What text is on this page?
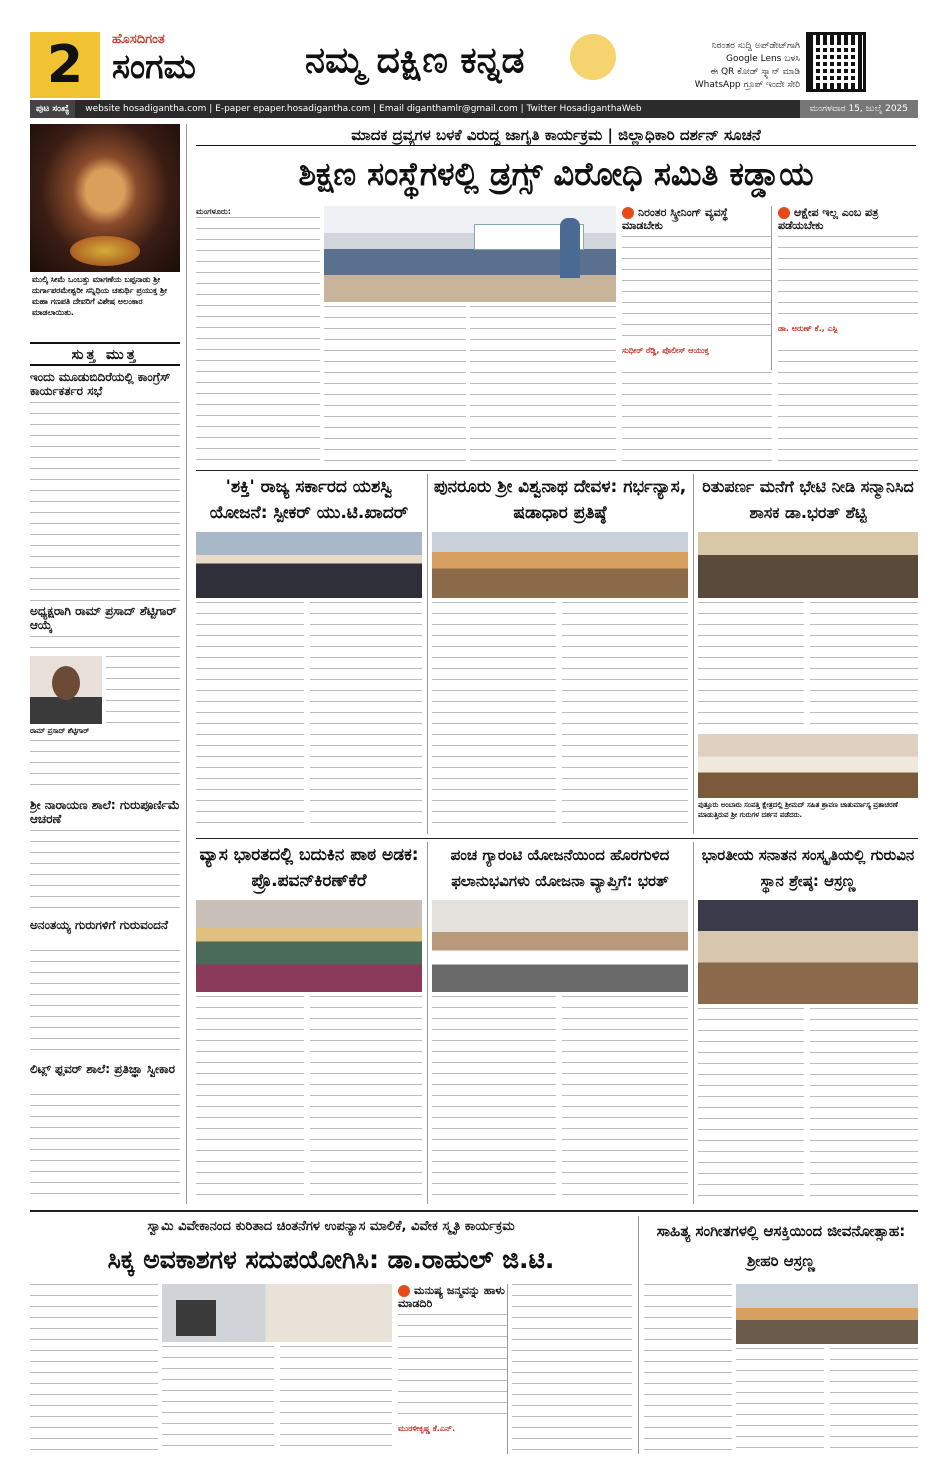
2	ಹೊಸದಿಗಂತ
ಸಂಗಮ	ನಮ್ಮ ದಕ್ಷಿಣ ಕನ್ನಡ	ನಿರಂತರ ಸುದ್ದಿ ಅಪ್‌ಡೇಟ್‌ಗಾಗಿ
Google Lens ಬಳಸಿ
ಈ QR ಕೋಡ್ ಸ್ಕ್ಯಾನ್ ಮಾಡಿ
WhatsApp ಗ್ರೂಪ್ ಇಂದೇ ಸೇರಿ
ಪುಟ ಸಂಖ್ಯೆ	website hosadigantha.com | E-paper epaper.hosadigantha.com | Email diganthamlr@gmail.com | Twitter HosadiganthaWeb	ಮಂಗಳವಾರ 15, ಜುಲೈ 2025
ಮುಲ್ಕಿ ಸೀಮೆ ಒಂಬತ್ತು ಮಾಗಣೆಯ ಬಪ್ಪನಾಡು ಶ್ರೀ ದುರ್ಗಾಪರಮೇಶ್ವರೀ ಸನ್ನಿಧಿಯ ಚತುರ್ಥಿ ಪ್ರಯುಕ್ತ ಶ್ರೀ ಮಹಾ ಗಣಪತಿ ದೇವರಿಗೆ ವಿಶೇಷ ಅಲಂಕಾರ ಮಾಡಲಾಯಿತು.
ಸುತ್ತ ಮುತ್ತ
ಇಂದು ಮೂಡುಬಿದಿರೆಯಲ್ಲಿ ಕಾಂಗ್ರೆಸ್ ಕಾರ್ಯಕರ್ತರ ಸಭೆ
ಅಧ್ಯಕ್ಷರಾಗಿ ರಾಮ್ ಪ್ರಸಾದ್ ಶೆಟ್ಟಿಗಾರ್ ಆಯ್ಕೆ
ರಾಮ್ ಪ್ರಸಾದ್ ಶೆಟ್ಟಿಗಾರ್
ಶ್ರೀ ನಾರಾಯಣ ಶಾಲೆ: ಗುರುಪೂರ್ಣಿಮೆ ಆಚರಣೆ
ಅನಂತಯ್ಯ ಗುರುಗಳಿಗೆ ಗುರುವಂದನೆ
ಲಿಟ್ಲ್ ಫ್ಲವರ್ ಶಾಲೆ: ಪ್ರತಿಜ್ಞಾ ಸ್ವೀಕಾರ
ಮಾದಕ ದ್ರವ್ಯಗಳ ಬಳಕೆ ವಿರುದ್ಧ ಜಾಗೃತಿ ಕಾರ್ಯಕ್ರಮ | ಜಿಲ್ಲಾಧಿಕಾರಿ ದರ್ಶನ್ ಸೂಚನೆ
ಶಿಕ್ಷಣ ಸಂಸ್ಥೆಗಳಲ್ಲಿ ಡ್ರಗ್ಸ್ ವಿರೋಧಿ ಸಮಿತಿ ಕಡ್ಡಾಯ
ಮಂಗಳೂರು:	ನಿರಂತರ ಸ್ಕ್ರೀನಿಂಗ್ ವ್ಯವಸ್ಥೆ ಮಾಡಬೇಕು
ಸುಧೀರ್ ರೆಡ್ಡಿ, ಪೊಲೀಸ್ ಆಯುಕ್ತ
ಆಕ್ಷೇಪ ಇಲ್ಲ ಎಂಬ ಪತ್ರ ಪಡೆಯಬೇಕು
ಡಾ. ಅರುಣ್ ಕೆ., ಎಸ್ಪಿ
'ಶಕ್ತಿ' ರಾಜ್ಯ ಸರ್ಕಾರದ ಯಶಸ್ವಿ ಯೋಜನೆ: ಸ್ಪೀಕರ್ ಯು.ಟಿ.ಖಾದರ್
ಪುನರೂರು ಶ್ರೀ ವಿಶ್ವನಾಥ ದೇವಳ: ಗರ್ಭನ್ಯಾಸ, ಷಡಾಧಾರ ಪ್ರತಿಷ್ಠೆ
ರಿತುಪರ್ಣ ಮನೆಗೆ ಭೇಟಿ ನೀಡಿ ಸನ್ಮಾನಿಸಿದ ಶಾಸಕ ಡಾ.ಭರತ್ ಶೆಟ್ಟಿ
ಪುತ್ತೂರು ಅಂಬಾರು ಸಂಪತ್ತಿ ಕ್ಷೇತ್ರದಲ್ಲಿ ಶ್ರೀಮದ್ ಸಹಿತ ಶ್ರಾವಣ ಚಾತುರ್ಮಾಸ್ಯ ವ್ರತಾಚರಣೆ ಮಾಡುತ್ತಿರುವ ಶ್ರೀ ಗುರುಗಳ ದರ್ಶನ ಪಡೆದರು.
ವ್ಯಾಸ ಭಾರತದಲ್ಲಿ ಬದುಕಿನ ಪಾಠ ಅಡಕ: ಪ್ರೊ.ಪವನ್‌ಕಿರಣ್‌ಕೆರೆ
ಪಂಚ ಗ್ಯಾರಂಟಿ ಯೋಜನೆಯಿಂದ ಹೊರಗುಳಿದ ಫಲಾನುಭವಿಗಳು ಯೋಜನಾ ವ್ಯಾಪ್ತಿಗೆ: ಭರತ್
ಭಾರತೀಯ ಸನಾತನ ಸಂಸ್ಕೃತಿಯಲ್ಲಿ ಗುರುವಿನ ಸ್ಥಾನ ಶ್ರೇಷ್ಠ: ಆಸ್ರಣ್ಣ
ಸ್ವಾಮಿ ವಿವೇಕಾನಂದ ಕುರಿತಾದ ಚಿಂತನೆಗಳ ಉಪನ್ಯಾಸ ಮಾಲಿಕೆ, ವಿವೇಕ ಸ್ಮೃತಿ ಕಾರ್ಯಕ್ರಮ
ಸಿಕ್ಕ ಅವಕಾಶಗಳ ಸದುಪಯೋಗಿಸಿ: ಡಾ.ರಾಹುಲ್ ಜಿ.ಟಿ.
ಮನುಷ್ಯ ಜನ್ಮವನ್ನು ಹಾಳು ಮಾಡದಿರಿ
ಮುರಳೀಕೃಷ್ಣ ಕೆ.ಎನ್.
ಸಾಹಿತ್ಯ ಸಂಗೀತಗಳಲ್ಲಿ ಆಸಕ್ತಿಯಿಂದ ಜೀವನೋತ್ಸಾಹ: ಶ್ರೀಹರಿ ಆಸ್ರಣ್ಣ
